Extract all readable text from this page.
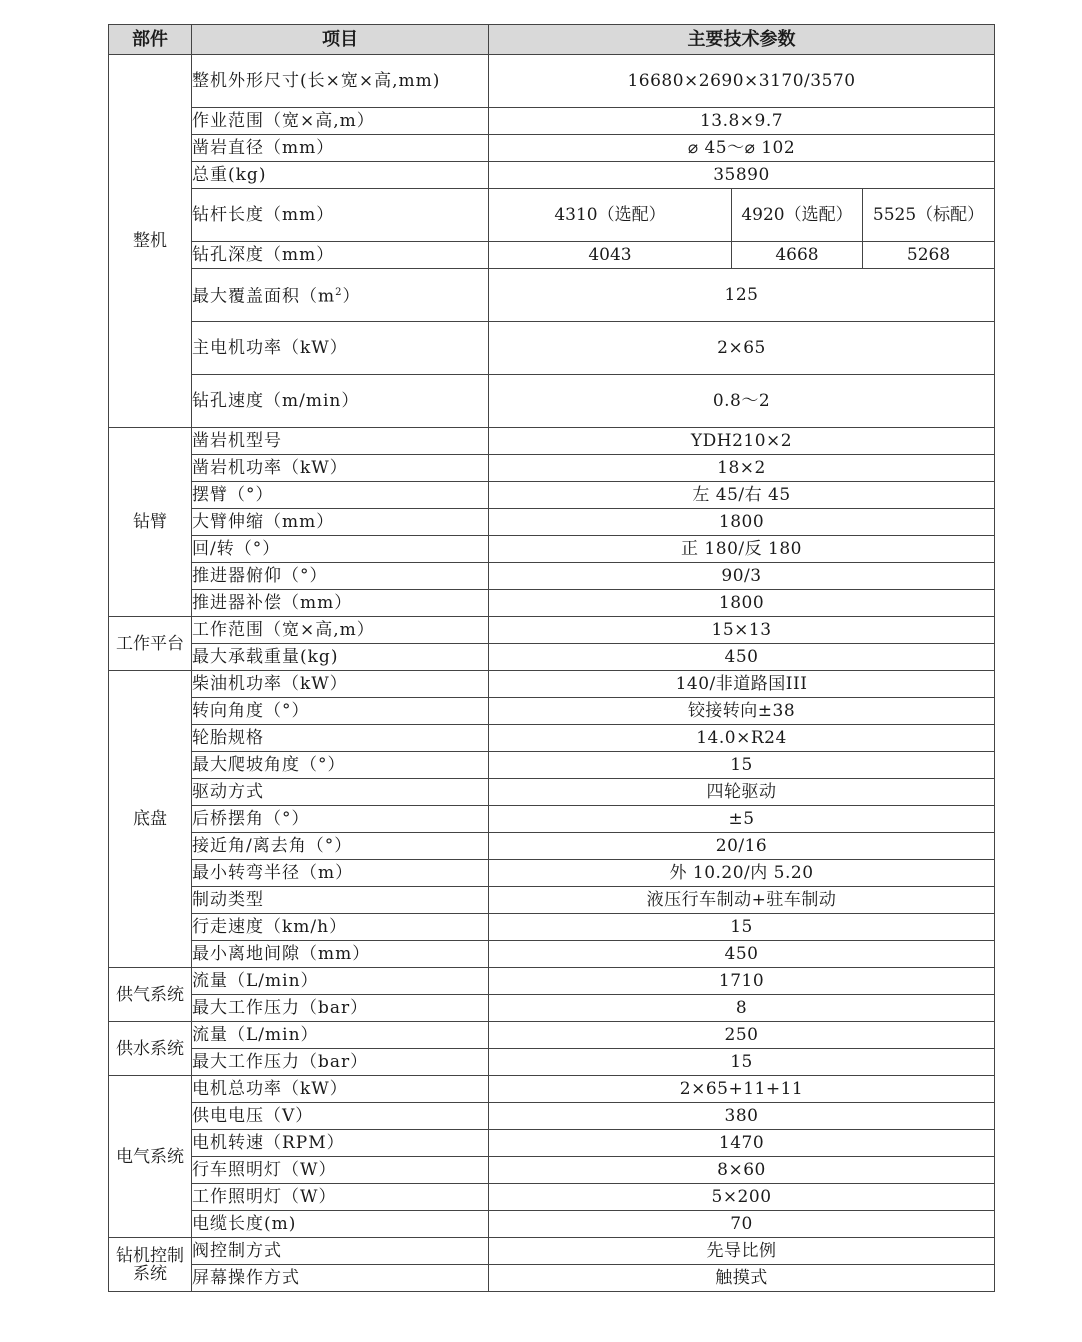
部件	项目	主要技术参数		
整机	整机外形尺寸(长×宽×高,mm)	16680×2690×3170/3570		
	作业范围（宽×高,m）	13.8×9.7		
	凿岩直径（mm）	⌀ 45～⌀ 102		
	总重(kg)	35890		
	钻杆长度（mm）	4310（选配）	4920（选配）	5525（标配）
	钻孔深度（mm）	4043	4668	5268
	最大覆盖面积$(m^2)$	125		
	主电机功率（kW）	2×65		
	钻孔速度（m/min）	0.8～2		
钻臂	凿岩机型号	YDH210×2		
	凿岩机功率（kW）	18×2		
	摆臂（°）	左 45/右 45		
	大臂伸缩（mm）	1800		
	回/转（°）	正 180/反 180		
	推进器俯仰（°）	90/3		
	推进器补偿（mm）	1800		
工作平台	工作范围（宽×高,m）	15×13		
	最大承载重量(kg)	450		
底盘	柴油机功率（kW）	140/非道路国III		
	转向角度（°）	铰接转向±38		
	轮胎规格	14.0×R24		
	最大爬坡角度（°）	15		
	驱动方式	四轮驱动		
	后桥摆角（°）	±5		
	接近角/离去角（°）	20/16		
	最小转弯半径（m）	外 10.20/内 5.20		
	制动类型	液压行车制动+驻车制动		
	行走速度（km/h）	15		
	最小离地间隙（mm）	450		
供气系统	流量（L/min）	1710		
	最大工作压力（bar）	8		
供水系统	流量（L/min）	250		
	最大工作压力（bar）	15		
电气系统	电机总功率（kW）	2×65+11+11		
	供电电压（V）	380		
	电机转速（RPM）	1470		
	行车照明灯（W）	8×60		
	工作照明灯（W）	5×200		
	电缆长度(m)	70		
钻机控制系统	阀控制方式	先导比例		
	屏幕操作方式	触摸式		
